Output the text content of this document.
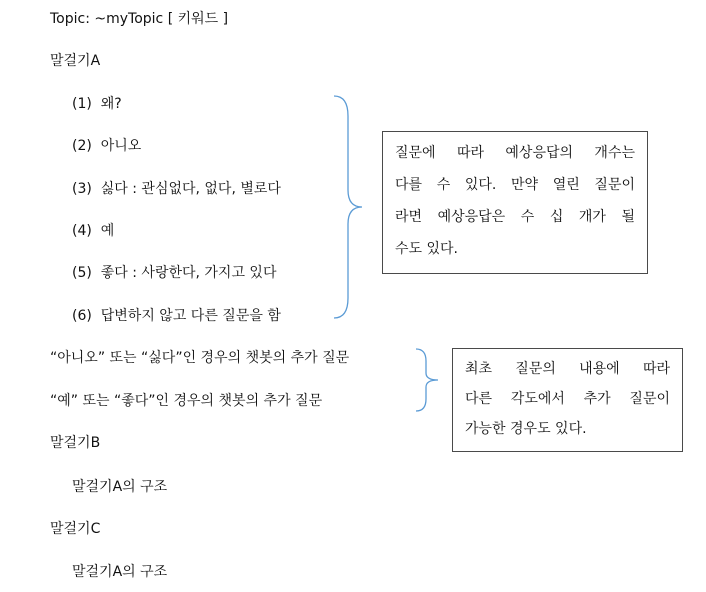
Topic: ~myTopic [ 키워드 ]
말걸기A
(1) 왜?
(2) 아니오
(3) 싫다 : 관심없다, 없다, 별로다
(4) 예
(5) 좋다 : 사랑한다, 가지고 있다
(6) 답변하지 않고 다른 질문을 함
질문에 따라 예상응답의 개수는
다를 수 있다. 만약 열린 질문이
라면 예상응답은 수 십 개가 될
수도 있다.
“아니오” 또는 “싫다”인 경우의 챗봇의 추가 질문
“예” 또는 “좋다”인 경우의 챗봇의 추가 질문
최초 질문의 내용에 따라
다른 각도에서 추가 질문이
가능한 경우도 있다.
말걸기B
말걸기A의 구조
말걸기C
말걸기A의 구조
